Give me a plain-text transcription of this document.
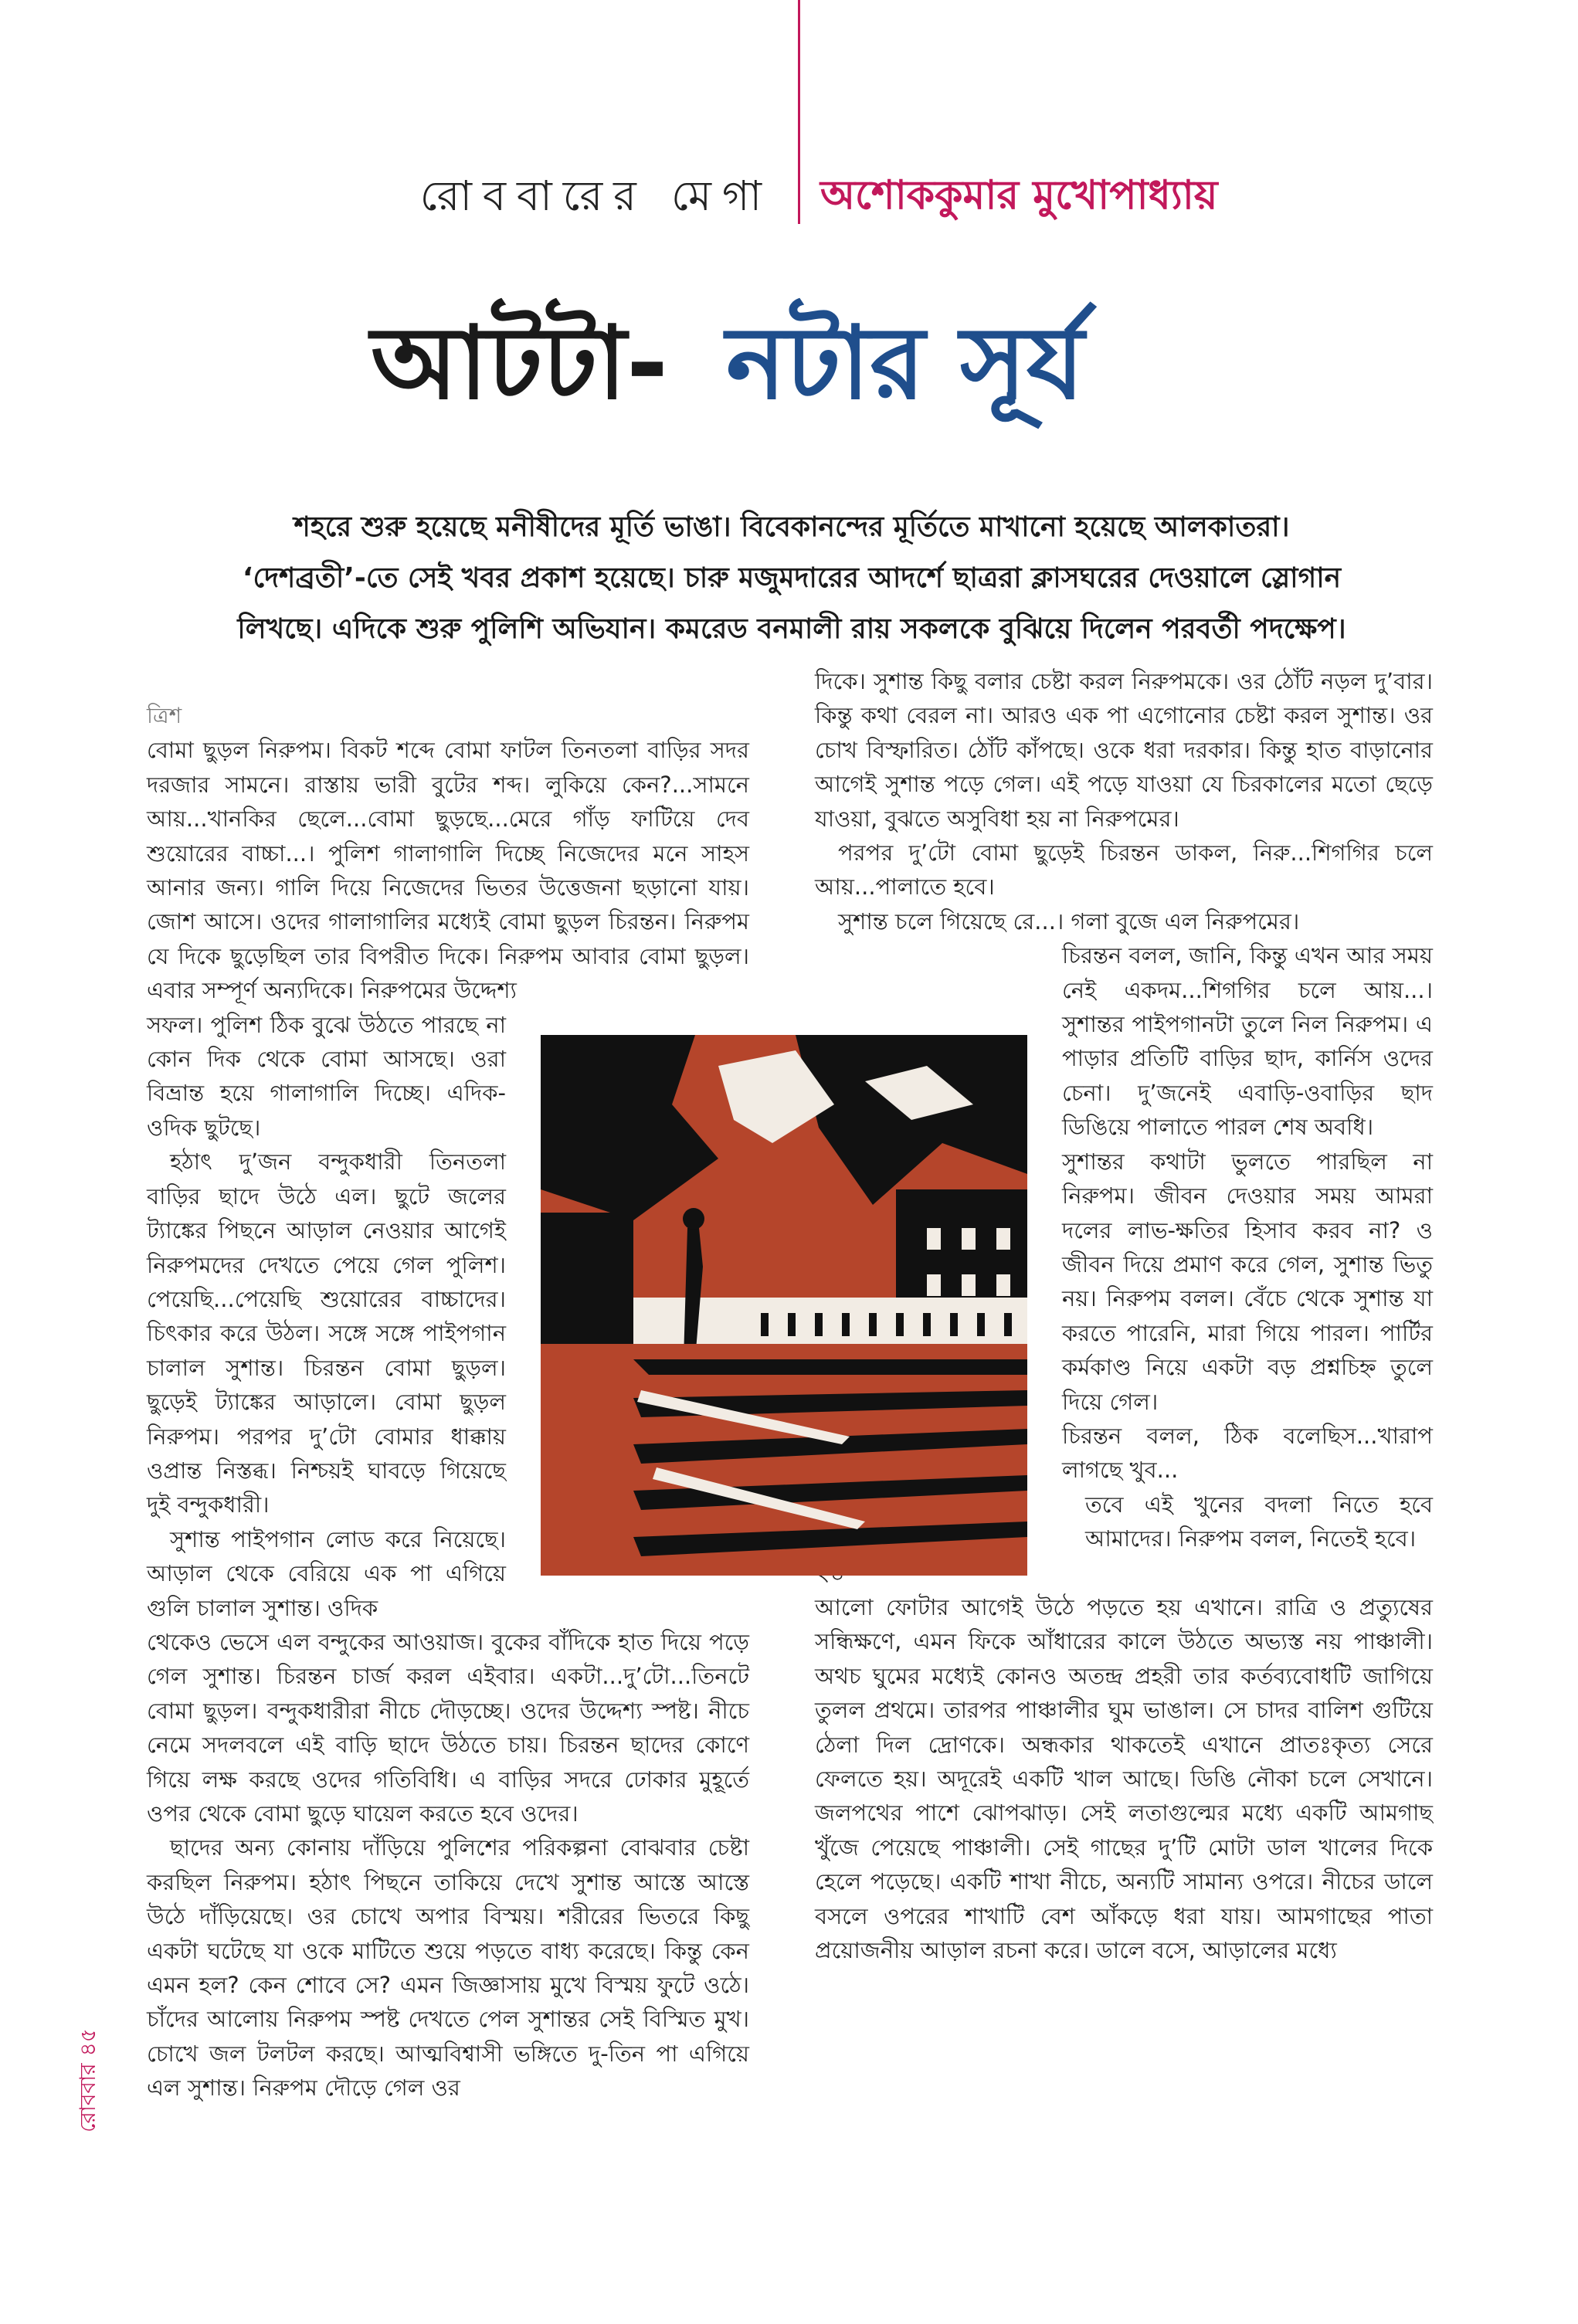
রোববারের মেগা অশোককুমার মুখোপাধ্যায়
আটটা- নটার সূর্য

শহরে শুরু হয়েছে মনীষীদের মূর্তি ভাঙা। বিবেকানন্দের মূর্তিতে মাখানো হয়েছে আলকাতরা।

‘দেশব্রতী’-তে সেই খবর প্রকাশ হয়েছে। চারু মজুমদারের আদর্শে ছাত্ররা ক্লাসঘরের দেওয়ালে স্লোগান

লিখছে। এদিকে শুরু পুলিশি অভিযান। কমরেড বনমালী রায় সকলকে বুঝিয়ে দিলেন পরবর্তী পদক্ষেপ।

ত্রিশ

বোমা ছুড়ল নিরুপম। বিকট শব্দে বোমা ফাটল তিনতলা বাড়ির সদর দরজার সামনে। রাস্তায় ভারী বুটের শব্দ। লুকিয়ে কেন?...সামনে আয়...খানকির ছেলে...বোমা ছুড়ছে...মেরে গাঁড় ফাটিয়ে দেব শুয়োরের বাচ্চা...। পুলিশ গালাগালি দিচ্ছে নিজেদের মনে সাহস আনার জন্য। গালি দিয়ে নিজেদের ভিতর উত্তেজনা ছড়ানো যায়। জোশ আসে। ওদের গালাগালির মধ্যেই বোমা ছুড়ল চিরন্তন। নিরুপম যে দিকে ছুড়েছিল তার বিপরীত দিকে। নিরুপম আবার বোমা ছুড়ল। এবার সম্পূর্ণ অন্যদিকে। নিরুপমের উদ্দেশ্য

সফল। পুলিশ ঠিক বুঝে উঠতে পারছে না কোন দিক থেকে বোমা আসছে। ওরা বিভ্রান্ত হয়ে গালাগালি দিচ্ছে। এদিক-ওদিক ছুটছে।

হঠাৎ দু’জন বন্দুকধারী তিনতলা বাড়ির ছাদে উঠে এল। ছুটে জলের ট্যাঙ্কের পিছনে আড়াল নেওয়ার আগেই নিরুপমদের দেখতে পেয়ে গেল পুলিশ। পেয়েছি...পেয়েছি শুয়োরের বাচ্চাদের। চিৎকার করে উঠল। সঙ্গে সঙ্গে পাইপগান চালাল সুশান্ত। চিরন্তন বোমা ছুড়ল। ছুড়েই ট্যাঙ্কের আড়ালে। বোমা ছুড়ল নিরুপম। পরপর দু’টো বোমার ধাক্কায় ওপ্রান্ত নিস্তব্ধ। নিশ্চয়ই ঘাবড়ে গিয়েছে দুই বন্দুকধারী।

সুশান্ত পাইপগান লোড করে নিয়েছে। আড়াল থেকে বেরিয়ে এক পা এগিয়ে গুলি চালাল সুশান্ত। ওদিক

থেকেও ভেসে এল বন্দুকের আওয়াজ। বুকের বাঁদিকে হাত দিয়ে পড়ে গেল সুশান্ত। চিরন্তন চার্জ করল এইবার। একটা...দু’টো...তিনটে বোমা ছুড়ল। বন্দুকধারীরা নীচে দৌড়চ্ছে। ওদের উদ্দেশ্য স্পষ্ট। নীচে নেমে সদলবলে এই বাড়ি ছাদে উঠতে চায়। চিরন্তন ছাদের কোণে গিয়ে লক্ষ করছে ওদের গতিবিধি। এ বাড়ির সদরে ঢোকার মুহূর্তে ওপর থেকে বোমা ছুড়ে ঘায়েল করতে হবে ওদের।

ছাদের অন্য কোনায় দাঁড়িয়ে পুলিশের পরিকল্পনা বোঝবার চেষ্টা করছিল নিরুপম। হঠাৎ পিছনে তাকিয়ে দেখে সুশান্ত আস্তে আস্তে উঠে দাঁড়িয়েছে। ওর চোখে অপার বিস্ময়। শরীরের ভিতরে কিছু একটা ঘটেছে যা ওকে মাটিতে শুয়ে পড়তে বাধ্য করেছে। কিন্তু কেন এমন হল? কেন শোবে সে? এমন জিজ্ঞাসায় মুখে বিস্ময় ফুটে ওঠে। চাঁদের আলোয় নিরুপম স্পষ্ট দেখতে পেল সুশান্তর সেই বিস্মিত মুখ। চোখে জল টলটল করছে। আত্মবিশ্বাসী ভঙ্গিতে দু-তিন পা এগিয়ে এল সুশান্ত। নিরুপম দৌড়ে গেল ওর

দিকে। সুশান্ত কিছু বলার চেষ্টা করল নিরুপমকে। ওর ঠোঁট নড়ল দু’বার। কিন্তু কথা বেরল না। আরও এক পা এগোনোর চেষ্টা করল সুশান্ত। ওর চোখ বিস্ফারিত। ঠোঁট কাঁপছে। ওকে ধরা দরকার। কিন্তু হাত বাড়ানোর আগেই সুশান্ত পড়ে গেল। এই পড়ে যাওয়া যে চিরকালের মতো ছেড়ে যাওয়া, বুঝতে অসুবিধা হয় না নিরুপমের।

পরপর দু’টো বোমা ছুড়েই চিরন্তন ডাকল, নিরু...শিগগির চলে আয়...পালাতে হবে।

সুশান্ত চলে গিয়েছে রে...। গলা বুজে এল নিরুপমের।

চিরন্তন বলল, জানি, কিন্তু এখন আর সময় নেই একদম...শিগগির চলে আয়...। সুশান্তর পাইপগানটা তুলে নিল নিরুপম। এ পাড়ার প্রতিটি বাড়ির ছাদ, কার্নিস ওদের চেনা। দু’জনেই এবাড়ি-ওবাড়ির ছাদ ডিঙিয়ে পালাতে পারল শেষ অবধি।

সুশান্তর কথাটা ভুলতে পারছিল না নিরুপম। জীবন দেওয়ার সময় আমরা দলের লাভ-ক্ষতির হিসাব করব না? ও জীবন দিয়ে প্রমাণ করে গেল, সুশান্ত ভিতু নয়। নিরুপম বলল। বেঁচে থেকে সুশান্ত যা করতে পারেনি, মারা গিয়ে পারল। পার্টির কর্মকাণ্ড নিয়ে একটা বড় প্রশ্নচিহ্ন তুলে দিয়ে গেল।

চিরন্তন বলল, ঠিক বলেছিস...খারাপ লাগছে খুব...

তবে এই খুনের বদলা নিতে হবে আমাদের। নিরুপম বলল, নিতেই হবে।

আলো ফোটার আগেই উঠে পড়তে হয় এখানে। রাত্রি ও প্রত্যুষের সন্ধিক্ষণে, এমন ফিকে আঁধারের কালে উঠতে অভ্যস্ত নয় পাঞ্চালী। অথচ ঘুমের মধ্যেই কোনও অতন্দ্র প্রহরী তার কর্তব্যবোধটি জাগিয়ে তুলল প্রথমে। তারপর পাঞ্চালীর ঘুম ভাঙাল। সে চাদর বালিশ গুটিয়ে ঠেলা দিল দ্রোণকে। অন্ধকার থাকতেই এখানে প্রাতঃকৃত্য সেরে ফেলতে হয়। অদূরেই একটি খাল আছে। ডিঙি নৌকা চলে সেখানে। জলপথের পাশে ঝোপঝাড়। সেই লতাগুল্মের মধ্যে একটি আমগাছ খুঁজে পেয়েছে পাঞ্চালী। সেই গাছের দু’টি মোটা ডাল খালের দিকে হেলে পড়েছে। একটি শাখা নীচে, অন্যটি সামান্য ওপরে। নীচের ডালে বসলে ওপরের শাখাটি বেশ আঁকড়ে ধরা যায়। আমগাছের পাতা প্রয়োজনীয় আড়াল রচনা করে। ডালে বসে, আড়ালের মধ্যে

রোববার ৪৫
